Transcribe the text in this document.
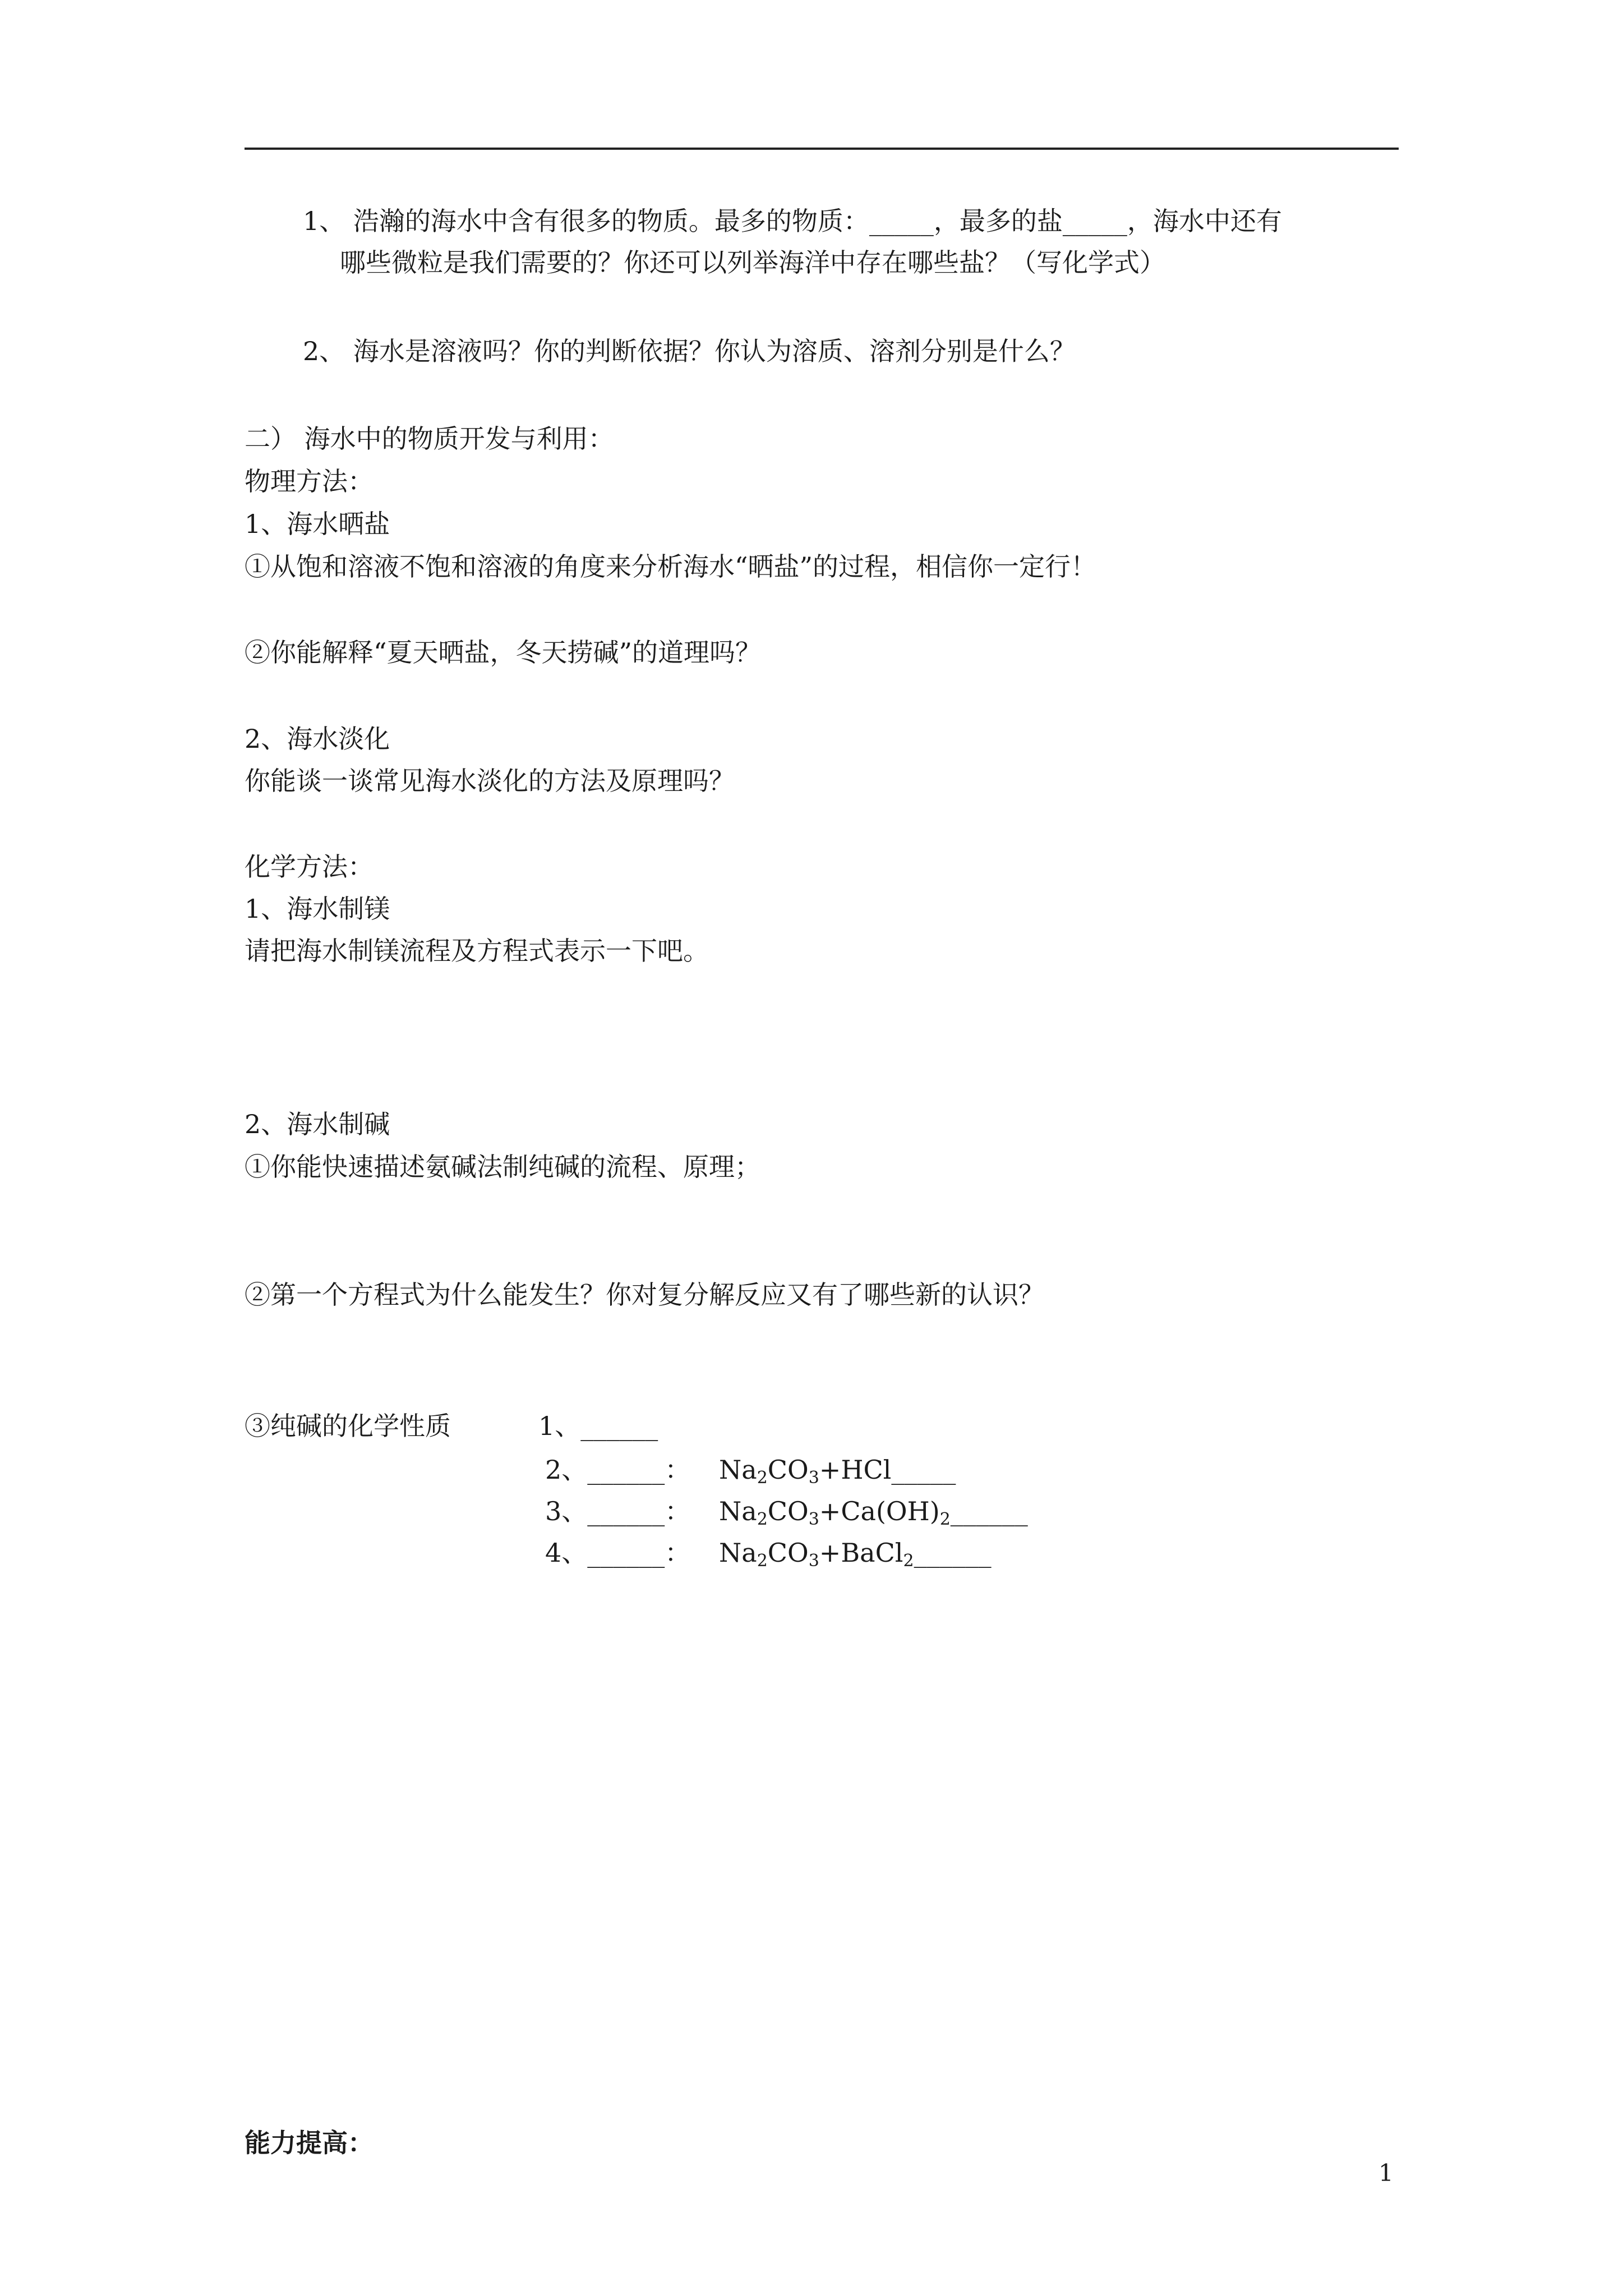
1、 浩瀚的海水中含有很多的物质。最多的物质：_____，最多的盐_____，海水中还有
哪些微粒是我们需要的？你还可以列举海洋中存在哪些盐？（写化学式）
2、 海水是溶液吗？你的判断依据？你认为溶质、溶剂分别是什么？
二） 海水中的物质开发与利用：
物理方法：
1、海水晒盐
①从饱和溶液不饱和溶液的角度来分析海水“晒盐”的过程，相信你一定行！
②你能解释“夏天晒盐，冬天捞碱”的道理吗？
2、海水淡化
你能谈一谈常见海水淡化的方法及原理吗？
化学方法：
1、海水制镁
请把海水制镁流程及方程式表示一下吧。
2、海水制碱
①你能快速描述氨碱法制纯碱的流程、原理；
②第一个方程式为什么能发生？你对复分解反应又有了哪些新的认识？
③纯碱的化学性质	1、______
2、______： $Na_2CO_3+HCl\_\_\_\_\_$
3、______： $Na_2CO_3+Ca(OH)_2\_\_\_\_\_\_$
4、______： $Na_2CO_3+BaCl_2\_\_\_\_\_\_$
能力提高：
1
